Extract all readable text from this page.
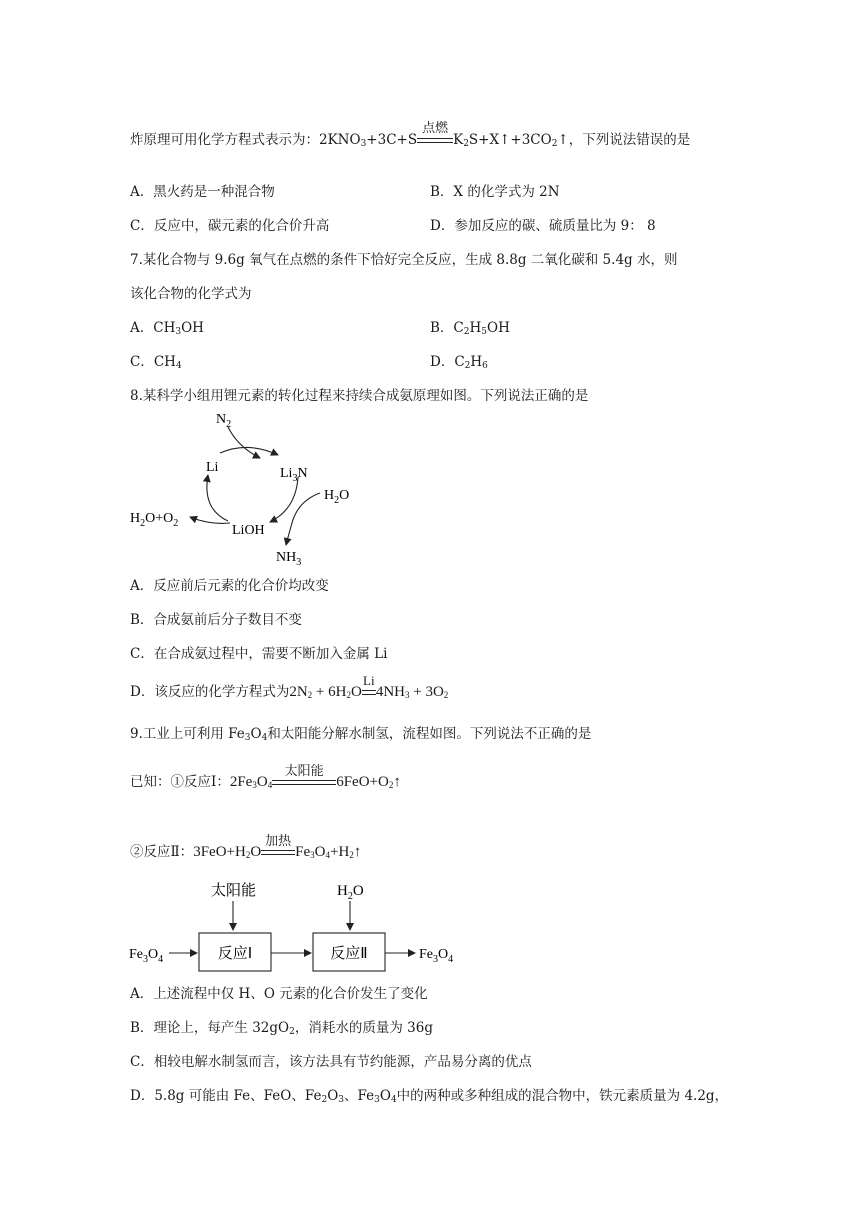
炸原理可用化学方程式表示为：$2KNO_3+3C+S$
点燃
$K_2S+X↑+3CO_2↑$，下列说法错误的是
A．黑火药是一种混合物	B．X 的化学式为 2N
C．反应中，碳元素的化合价升高	D．参加反应的碳、硫质量比为 9： 8
7.某化合物与 9.6g 氧气在点燃的条件下恰好完全反应，生成 8.8g 二氧化碳和 5.4g 水，则
该化合物的化学式为
A．$CH_3OH$	B．$C_2H_5OH$
C．$CH_4$	D．$C_2H_6$
8.某科学小组用锂元素的转化过程来持续合成氨原理如图。下列说法正确的是
$N_2$
Li	$Li_3N$
$H_2O$
LiOH
$H_2O+O_2$
$NH_3$
A．反应前后元素的化合价均改变
B．合成氨前后分子数目不变
C．在合成氨过程中，需要不断加入金属 Li
D．该反应的化学方程式为$2N_2 + 6H_2O$
Li
$4NH_3 + 3O_2$
9.工业上可利用 $Fe_3O_4$和太阳能分解水制氢，流程如图。下列说法不正确的是
已知：①反应Ⅰ：$2Fe_3O_4$
太阳能
$6FeO+O_2↑$
②反应Ⅱ：$3FeO+H_2O$
加热
$Fe_3O_4+H_2↑$
太阳能	$H_2O$
$Fe_3O_4$	反应Ⅰ	反应Ⅱ	$Fe_3O_4$
A．上述流程中仅 H、O 元素的化合价发生了变化
B．理论上，每产生 $32gO_2$，消耗水的质量为 36g
C．相较电解水制氢而言，该方法具有节约能源，产品易分离的优点
D．5.8g 可能由 Fe、FeO、$Fe_2O_3$、$Fe_3O_4$中的两种或多种组成的混合物中，铁元素质量为 4.2g，
